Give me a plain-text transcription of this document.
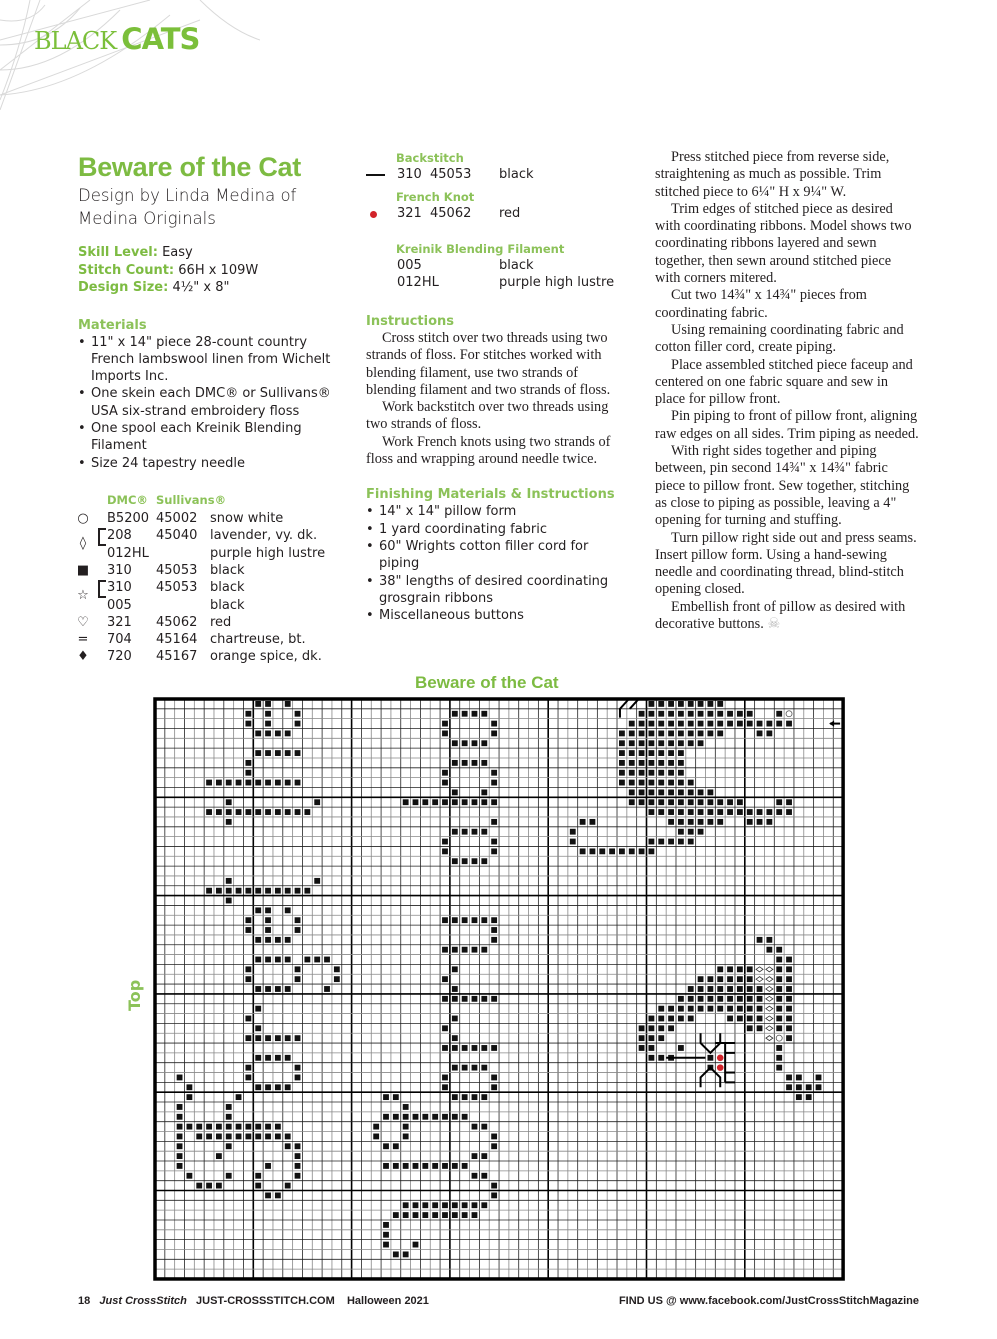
BLACK CATS
Beware of the Cat
Design by Linda Medina of
Medina Originals
Skill Level: Easy
Stitch Count: 66H x 109W
Design Size: 4½" x 8"
Materials
• 11" x 14" piece 28-count country French lambswool linen from Wichelt Imports Inc.
• One skein each DMC® or Sullivans® USA six-strand embroidery floss
• One spool each Kreinik Blending Filament
• Size 24 tapestry needle
DMC® Sullivans®
○ B5200 45002 snow white
◊
208 45040 lavender, vy. dk.
012HL	purple high lustre
■ 310 45053 black
☆
310 45053 black
005	black
♡ 321 45062 red
= 704 45164 chartreuse, bt.
♦ 720 45167 orange spice, dk.
Backstitch
310 45053 black
French Knot
321 45062 red
Kreinik Blending Filament
005	black
012HL	purple high lustre
Instructions

Cross stitch over two threads using two strands of floss. For stitches worked with blending filament, use two strands of blending filament and two strands of floss.

Work backstitch over two threads using two strands of floss.

Work French knots using two strands of floss and wrapping around needle twice.

Finishing Materials & Instructions
• 14" x 14" pillow form
• 1 yard coordinating fabric
• 60" Wrights cotton filler cord for piping
• 38" lengths of desired coordinating grosgrain ribbons
• Miscellaneous buttons

Press stitched piece from reverse side, straightening as much as possible. Trim stitched piece to 6¼" H x 9¼" W.

Trim edges of stitched piece as desired with coordinating ribbons. Model shows two coordinating ribbons layered and sewn together, then sewn around stitched piece with corners mitered.

Cut two 14¾" x 14¾" pieces from coordinating fabric.

Using remaining coordinating fabric and cotton filler cord, create piping.

Place assembled stitched piece faceup and centered on one fabric square and sew in place for pillow front.

Pin piping to front of pillow front, aligning raw edges on all sides. Trim piping as needed.

With right sides together and piping between, pin second 14¾" x 14¾" fabric piece to pillow front. Sew together, stitching as close to piping as possible, leaving a 4" opening for turning and stuffing.

Turn pillow right side out and press seams. Insert pillow form. Using a hand-sewing needle and coordinating thread, blind-stitch opening closed.

Embellish front of pillow as desired with decorative buttons. ☠

Beware of the Cat
Top
18 Just CrossStitch JUST-CROSSSTITCH.COM Halloween 2021	FIND US @ www.facebook.com/JustCrossStitchMagazine
